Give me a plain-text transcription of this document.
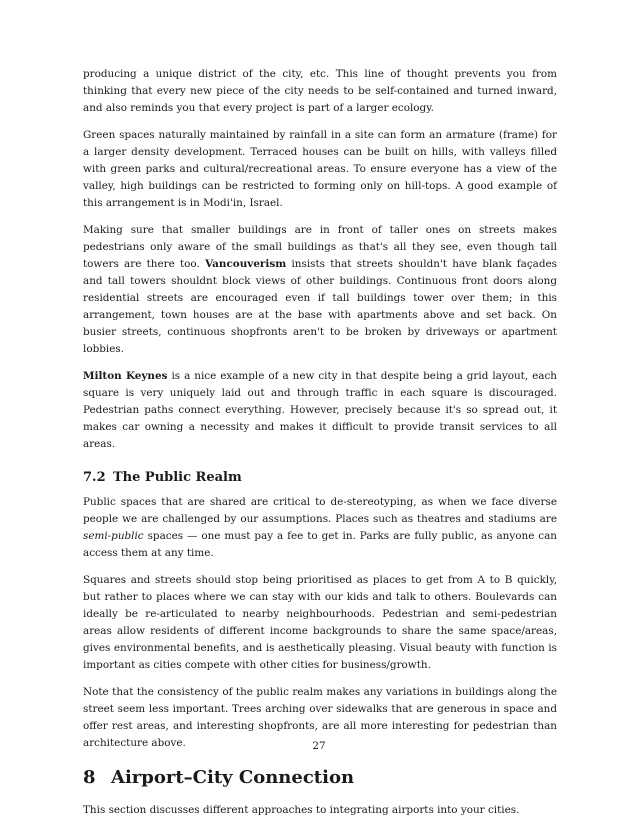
producing a unique district of the city, etc. This line of thought prevents you from thinking that every new piece of the city needs to be self-contained and turned inward, and also reminds you that every project is part of a larger ecology.

Green spaces naturally maintained by rainfall in a site can form an armature (frame) for a larger density development. Terraced houses can be built on hills, with valleys filled with green parks and cultural/recreational areas. To ensure everyone has a view of the valley, high buildings can be restricted to forming only on hill-tops. A good example of this arrangement is in Modi'in, Israel.

Making sure that smaller buildings are in front of taller ones on streets makes pedestrians only aware of the small buildings as that's all they see, even though tall towers are there too. Vancouverism insists that streets shouldn't have blank façades and tall towers shouldnt block views of other buildings. Continuous front doors along residential streets are encouraged even if tall buildings tower over them; in this arrangement, town houses are at the base with apartments above and set back. On busier streets, continuous shopfronts aren't to be broken by driveways or apartment lobbies.

Milton Keynes is a nice example of a new city in that despite being a grid layout, each square is very uniquely laid out and through traffic in each square is discouraged. Pedestrian paths connect everything. However, precisely because it's so spread out, it makes car owning a necessity and makes it difficult to provide transit services to all areas.

7.2 The Public Realm

Public spaces that are shared are critical to de-stereotyping, as when we face diverse people we are challenged by our assumptions. Places such as theatres and stadiums are semi-public spaces — one must pay a fee to get in. Parks are fully public, as anyone can access them at any time.

Squares and streets should stop being prioritised as places to get from A to B quickly, but rather to places where we can stay with our kids and talk to others. Boulevards can ideally be re-articulated to nearby neighbourhoods. Pedestrian and semi-pedestrian areas allow residents of different income backgrounds to share the same space/areas, gives environmental benefits, and is aesthetically pleasing. Visual beauty with function is important as cities compete with other cities for business/growth.

Note that the consistency of the public realm makes any variations in buildings along the street seem less important. Trees arching over sidewalks that are generous in space and offer rest areas, and interesting shopfronts, are all more interesting for pedestrian than architecture above.

8 Airport–City Connection

This section discusses different approaches to integrating airports into your cities.

27
